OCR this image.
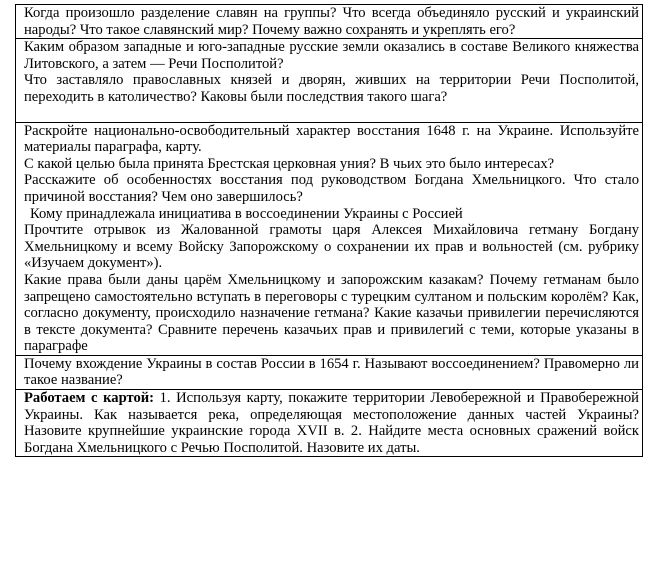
Когда произошло разделение славян на группы? Что всегда объединяло русский и украинский народы? Что такое славянский мир? Почему важно сохранять и укреплять его?

Каким образом западные и юго-западные русские земли оказались в составе Великого княжества Литовского, а затем — Речи Посполитой?

Что заставляло православных князей и дворян, живших на территории Речи Посполитой, переходить в католичество? Каковы были последствия такого шага?

Раскройте национально-освободительный характер восстания 1648 г. на Украине. Используйте материалы параграфа, карту.

С какой целью была принята Брестская церковная уния? В чьих это было интересах?

Расскажите об особенностях восстания под руководством Богдана Хмельницкого. Что стало причиной восстания? Чем оно завершилось?

Кому принадлежала инициатива в воссоединении Украины с Россией

Прочтите отрывок из Жалованной грамоты царя Алексея Михайловича гетману Богдану Хмельницкому и всему Войску Запорожскому о сохранении их прав и вольностей (см. рубрику «Изучаем документ»).

Какие права были даны царём Хмельницкому и запорожским казакам? Почему гетманам было запрещено самостоятельно вступать в переговоры с турецким султаном и польским королём? Как, согласно документу, происходило назначение гетмана? Какие казачьи привилегии перечисляются в тексте документа? Сравните перечень казачьих прав и привилегий с теми, которые указаны в параграфе

Почему вхождение Украины в состав России в 1654 г. Называют воссоединением? Правомерно ли такое название?

Работаем с картой: 1. Используя карту, покажите территории Левобережной и Правобережной Украины. Как называется река, определяющая местоположение данных частей Украины? Назовите крупнейшие украинские города XVII в. 2. Найдите места основных сражений войск Богдана Хмельницкого с Речью Посполитой. Назовите их даты.
